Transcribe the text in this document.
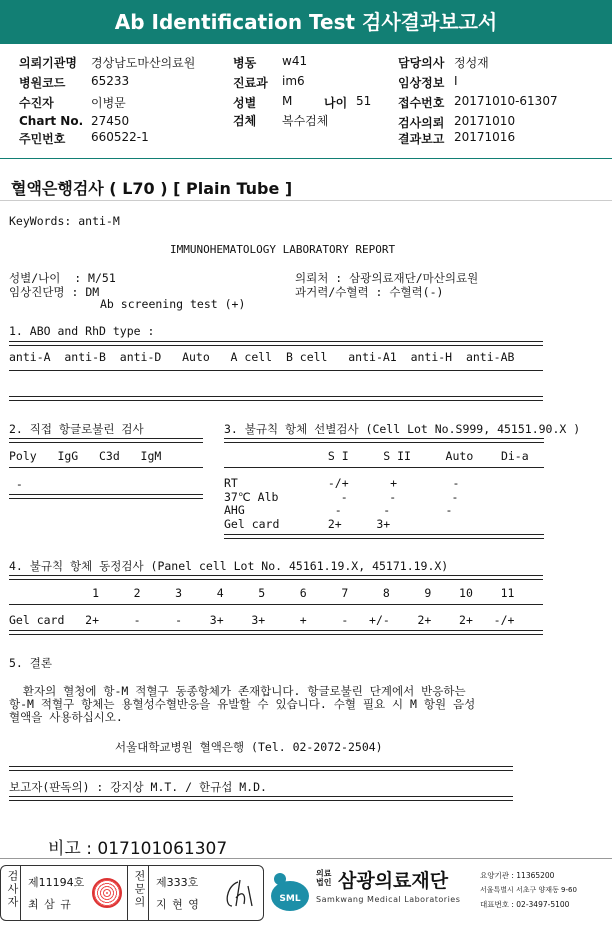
Ab Identification Test 검사결과보고서
의뢰기관명 경상남도마산의료원	병동 w41	담당의사 정성재
병원코드 65233	진료과 im6	임상정보 I
수진자	이병문	성별 M	나이 51 접수번호 20171010-61307
Chart No. 27450	검체 복수검체	검사의뢰 20171010
주민번호 660522-1	결과보고 20171016
혈액은행검사 ( L70 ) [ Plain Tube ]
KeyWords: anti-M
IMMUNOHEMATOLOGY LABORATORY REPORT
성별/나이  : M/51
임상진단명 : DM
Ab screening test (+)
의뢰처 : 삼광의료재단/마산의료원
과거력/수혈력 : 수혈력(-)
1. ABO and RhD type :
anti-A  anti-B  anti-D   Auto   A cell  B cell   anti-A1  anti-H  anti-AB
2. 직접 항글로불린 검사
Poly   IgG   C3d   IgM
-
3. 불규칙 항체 선별검사 (Cell Lot No.S999, 45151.90.X )
S I     S II     Auto    Di-a
RT             -/+      +        -
37℃ Alb         -      -        -
AHG             -      -        -
Gel card       2+     3+
4. 불규칙 항체 동정검사 (Panel cell Lot No. 45161.19.X, 45171.19.X)
1     2     3     4     5     6     7     8     9    10    11
Gel card   2+     -     -    3+    3+     +     -   +/-    2+    2+   -/+
5. 결론
환자의 혈청에 항-M 적혈구 동종항체가 존재합니다. 항글로불린 단계에서 반응하는
항-M 적혈구 항체는 용혈성수혈반응을 유발할 수 있습니다. 수혈 필요 시 M 항원 음성
혈액을 사용하십시오.
서울대학교병원 혈액은행 (Tel. 02-2072-2504)
보고자(판독의) : 강지상 M.T. / 한규섭 M.D.
비고 : 017101061307
검사자 제11194호
최 삼 규	전문의 제333호
지 현 영	SML
의료
법인 삼광의료재단
Samkwang Medical Laboratories
요양기관 : 11365200
서울특별시 서초구 양재동 9-60
대표번호 : 02-3497-5100
